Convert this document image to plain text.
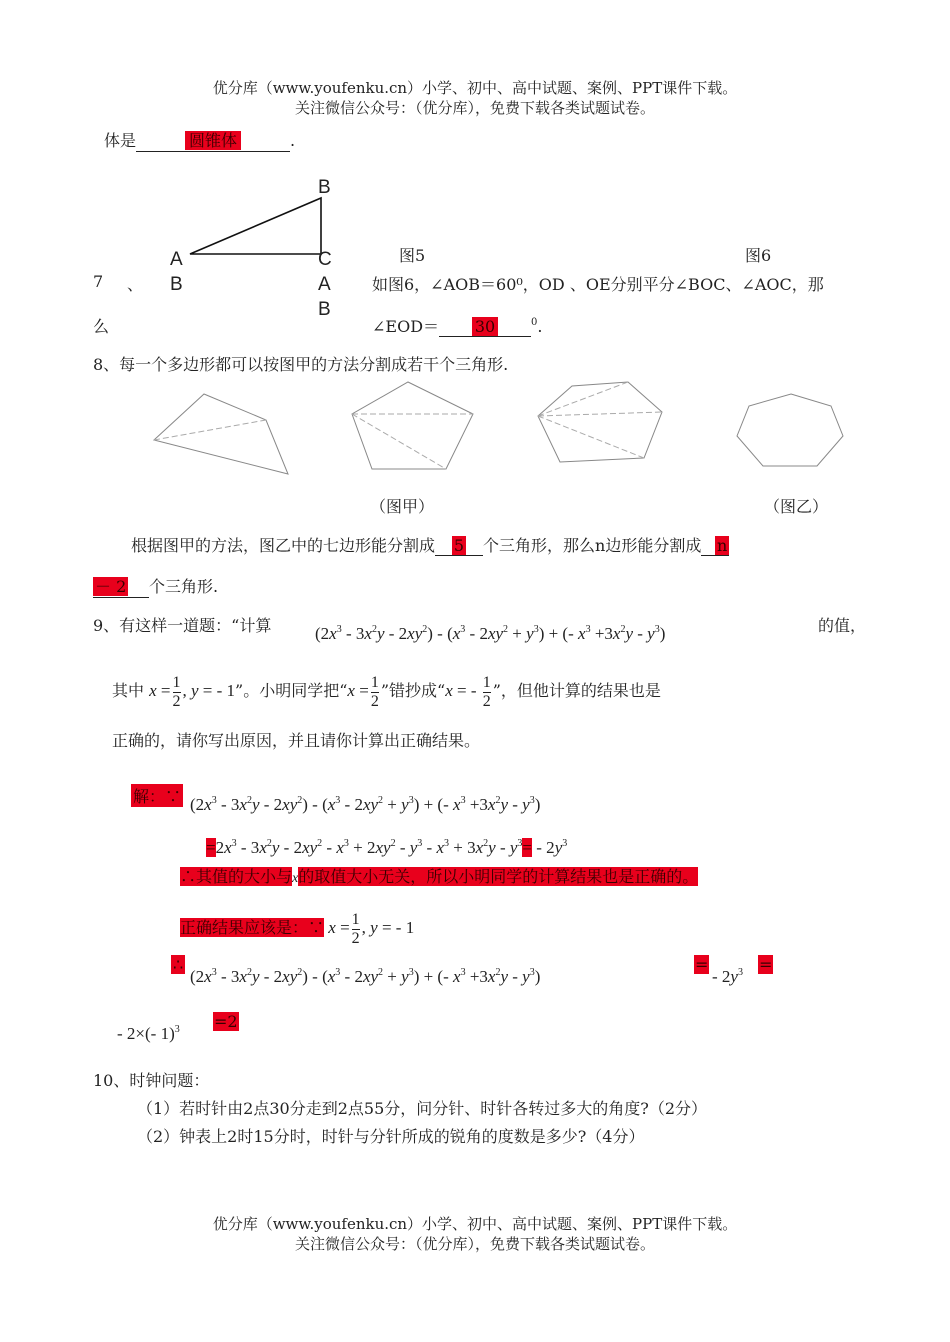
优分库（www.youfenku.cn）小学、初中、高中试题、案例、PPT课件下载。
关注微信公众号：（优分库），免费下载各类试题试卷。
体是	圆锥体	.
B
A	C
B	A
B
图5	图6
7 、	如图6，∠AOB＝60⁰，OD 、OE分别平分∠BOC、∠AOC，那
么	∠EOD＝ 30	$^0$.
8、每一个多边形都可以按图甲的方法分割成若干个三角形.
（图甲）	（图乙）
根据图甲的方法，图乙中的七边形能分割成 5 个三角形，那么n边形能分割成 n
－ 2 个三角形.
9、有这样一道题：“计算	$(2x^3 - 3x^2y - 2xy^2) - (x^3 - 2xy^2 + y^3)$ + (- $x^3 +3x^2y - y^3$)	的值，
其中 $x = \frac{1}{2}$ , y = - 1”。小明同学把“$x = \frac{1}{2}$ ”错抄成“x = - $\frac{1}{2}$ ”，但他计算的结果也是
正确的，请你写出原因，并且请你计算出正确结果。
解：∵ $(2x^3 - 3x^2y - 2xy^2) - (x^3 - 2xy^2 + y^3)$ + (- $x^3 +3x^2y - y^3$)
$=2x^3 - 3x^2y - 2xy^2 - x^3 + 2xy^2 - y^3 - x^3 + 3x^2y - y^3= - 2y^3$
∴其值的大小与x的取值大小无关，所以小明同学的计算结果也是正确的。
正确结果应该是：∵ $x = \frac{1}{2}$ , y = - 1
∴
$(2x^3 - 3x^2y - 2xy^2) - (x^3 - 2xy^2 + y^3)$ + (- $x^3 +3x^2y - y^3$)
=
- $2y^3$ =
- 2×(- 1)$^3$ =2
10、时钟问题：
（1）若时针由2点30分走到2点55分，问分针、时针各转过多大的角度?（2分）
（2）钟表上2时15分时，时针与分针所成的锐角的度数是多少?（4分）
优分库（www.youfenku.cn）小学、初中、高中试题、案例、PPT课件下载。
关注微信公众号：（优分库），免费下载各类试题试卷。
